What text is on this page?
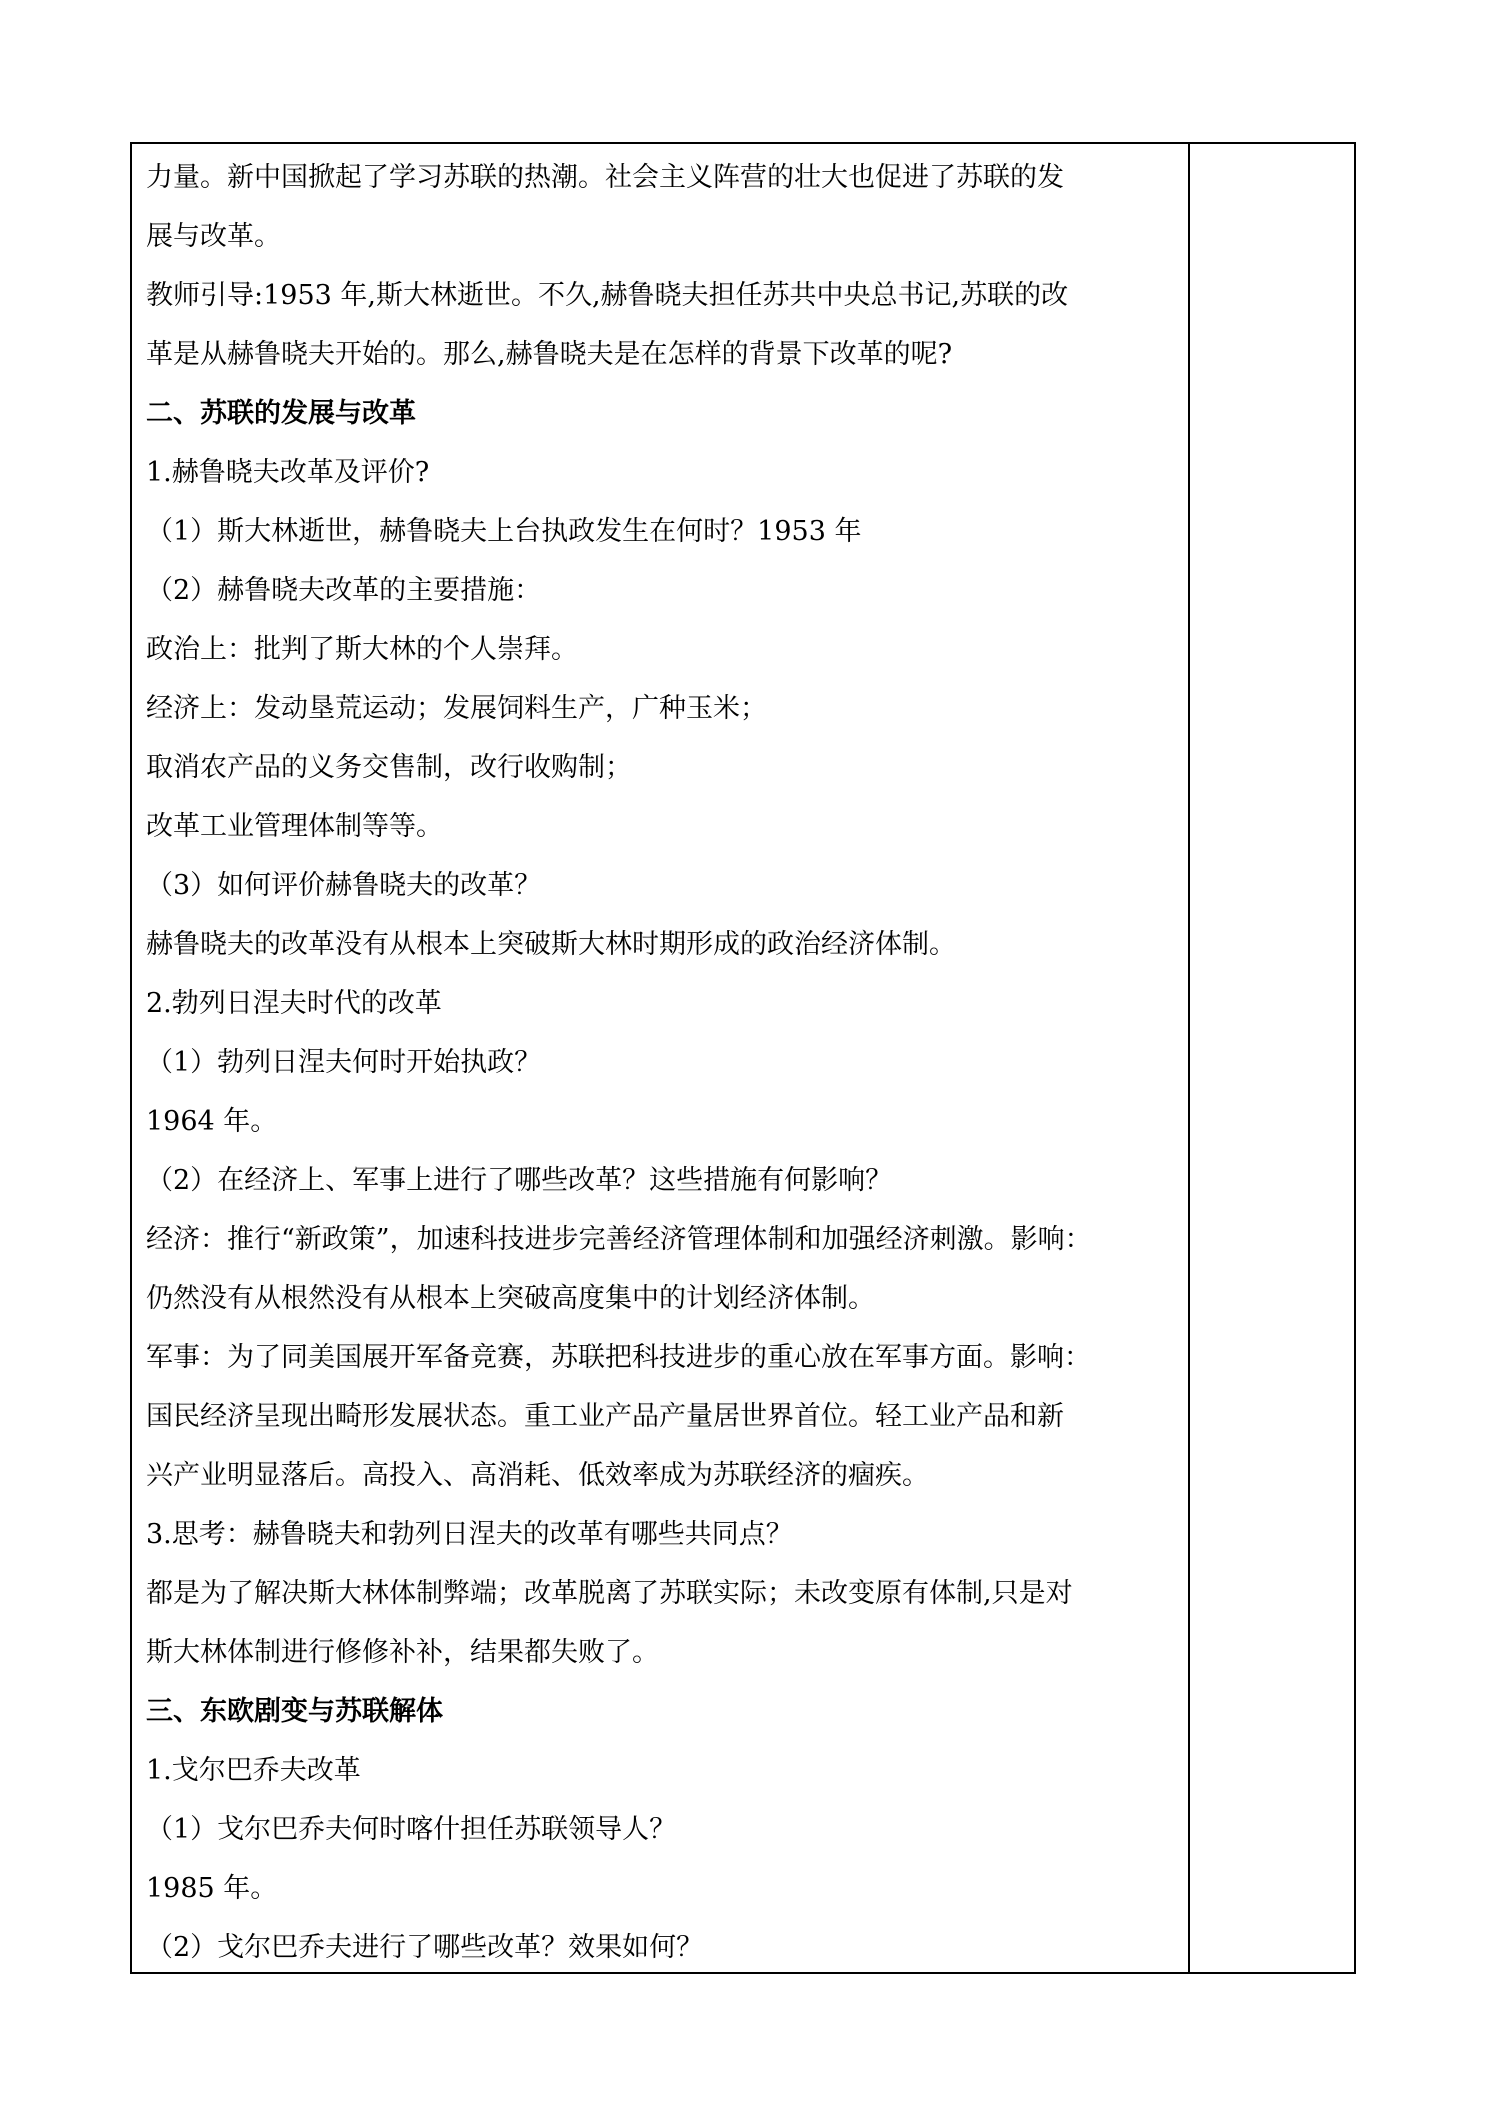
力量。新中国掀起了学习苏联的热潮。社会主义阵营的壮大也促进了苏联的发
展与改革。
教师引导:1953 年,斯大林逝世。不久,赫鲁晓夫担任苏共中央总书记,苏联的改
革是从赫鲁晓夫开始的。那么,赫鲁晓夫是在怎样的背景下改革的呢?
二、苏联的发展与改革
1.赫鲁晓夫改革及评价?
（1）斯大林逝世，赫鲁晓夫上台执政发生在何时？1953 年
（2）赫鲁晓夫改革的主要措施：
政治上：批判了斯大林的个人崇拜。
经济上：发动垦荒运动；发展饲料生产，广种玉米；
取消农产品的义务交售制，改行收购制；
改革工业管理体制等等。
（3）如何评价赫鲁晓夫的改革？
赫鲁晓夫的改革没有从根本上突破斯大林时期形成的政治经济体制。
2.勃列日涅夫时代的改革
（1）勃列日涅夫何时开始执政？
1964 年。
（2）在经济上、军事上进行了哪些改革？这些措施有何影响？
经济：推行“新政策”，加速科技进步完善经济管理体制和加强经济刺激。影响：
仍然没有从根然没有从根本上突破高度集中的计划经济体制。
军事：为了同美国展开军备竞赛，苏联把科技进步的重心放在军事方面。影响：
国民经济呈现出畸形发展状态。重工业产品产量居世界首位。轻工业产品和新
兴产业明显落后。高投入、高消耗、低效率成为苏联经济的痼疾。
3.思考：赫鲁晓夫和勃列日涅夫的改革有哪些共同点？
都是为了解决斯大林体制弊端；改革脱离了苏联实际；未改变原有体制,只是对
斯大林体制进行修修补补，结果都失败了。
三、东欧剧变与苏联解体
1.戈尔巴乔夫改革
（1）戈尔巴乔夫何时喀什担任苏联领导人？
1985 年。
（2）戈尔巴乔夫进行了哪些改革？效果如何？
